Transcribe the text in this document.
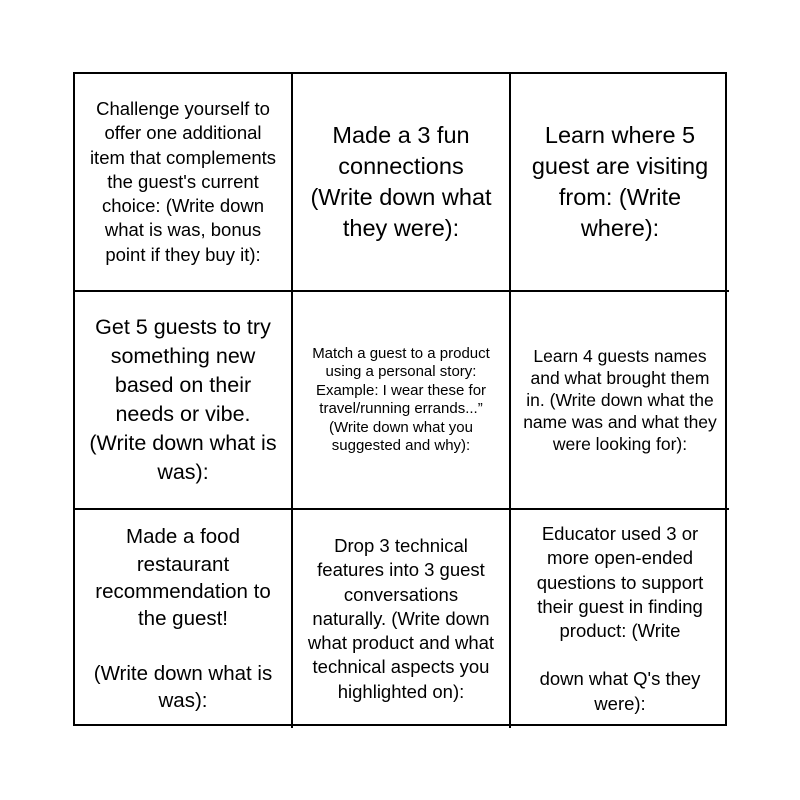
Challenge yourself to offer one additional item that complements the guest's current choice: (Write down what is was, bonus point if they buy it):

Made a 3 fun connections (Write down what they were):

Learn where 5 guest are visiting from: (Write where):

Get 5 guests to try something new based on their needs or vibe. (Write down what is was):

Match a guest to a product using a personal story: Example: I wear these for travel/running errands...” (Write down what you suggested and why):

Learn 4 guests names and what brought them in. (Write down what the name was and what they were looking for):

Made a food restaurant recommendation to the guest!

(Write down what is was):

Drop 3 technical features into 3 guest conversations naturally. (Write down what product and what technical aspects you highlighted on):

Educator used 3 or more open-ended questions to support their guest in finding product: (Write

down what Q's they were):
